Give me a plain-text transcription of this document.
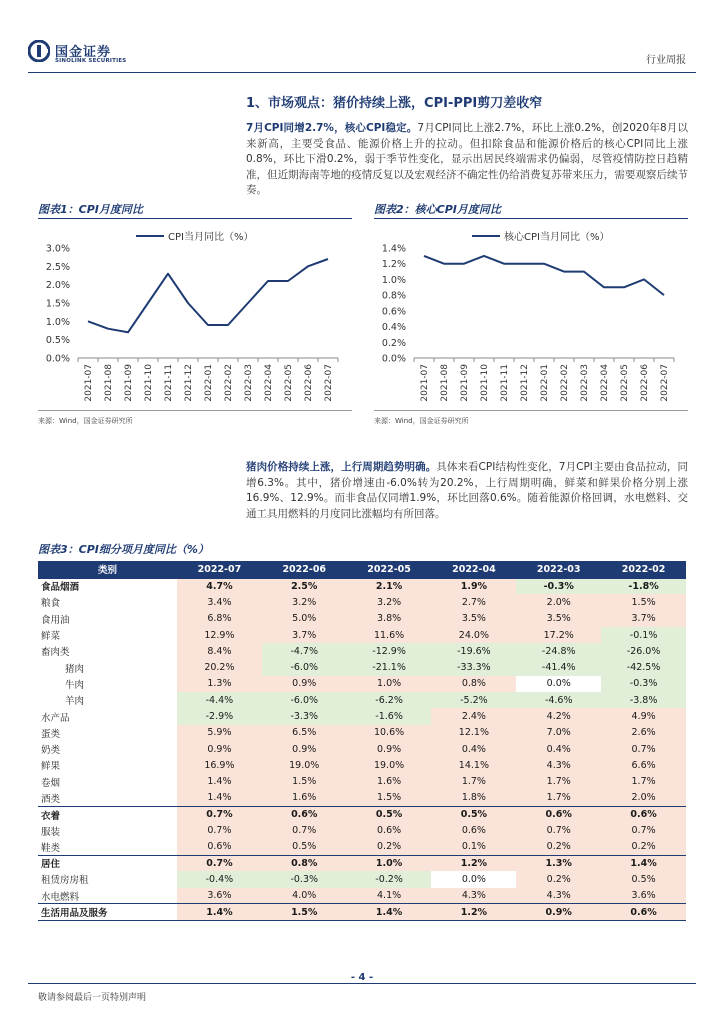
国金证券
SINOLINK SECURITIES	行业周报
1、市场观点：猪价持续上涨，CPI-PPI剪刀差收窄
7月CPI同增2.7%，核心CPI稳定。7月CPI同比上涨2.7%，环比上涨0.2%，创2020年8月以来新高，主要受食品、能源价格上升的拉动。但扣除食品和能源价格后的核心CPI同比上涨0.8%，环比下滑0.2%，弱于季节性变化，显示出居民终端需求仍偏弱，尽管疫情防控日趋精准，但近期海南等地的疫情反复以及宏观经济不确定性仍给消费复苏带来压力，需要观察后续节奏。
图表1：CPI月度同比
CPI当月同比（%）
3.0%
2.5%
2.0%
1.5%
1.0%
0.5%
0.0%
2021-07 2021-08 2021-09 2021-10 2021-11 2021-12 2022-01 2022-02 2022-03 2022-04 2022-05 2022-06 2022-07
来源：Wind，国金证券研究所
图表2：核心CPI月度同比
核心CPI当月同比（%）
1.4%
1.2%
1.0%
0.8%
0.6%
0.4%
0.2%
0.0%
2021-07 2021-08 2021-09 2021-10 2021-11 2021-12 2022-01 2022-02 2022-03 2022-04 2022-05 2022-06 2022-07
来源：Wind，国金证券研究所
猪肉价格持续上涨，上行周期趋势明确。具体来看CPI结构性变化，7月CPI主要由食品拉动，同增6.3%。其中，猪价增速由-6.0%转为20.2%，上行周期明确，鲜菜和鲜果价格分别上涨16.9%、12.9%。而非食品仅同增1.9%，环比回落0.6%。随着能源价格回调，水电燃料、交通工具用燃料的月度同比涨幅均有所回落。
图表3：CPI细分项月度同比（%）
类别	2022-07	2022-06	2022-05	2022-04	2022-03	2022-02
食品烟酒	4.7%	2.5%	2.1%	1.9%	-0.3%	-1.8%
粮食	3.4%	3.2%	3.2%	2.7%	2.0%	1.5%
食用油	6.8%	5.0%	3.8%	3.5%	3.5%	3.7%
鲜菜	12.9%	3.7%	11.6%	24.0%	17.2%	-0.1%
畜肉类	8.4%	-4.7%	-12.9%	-19.6%	-24.8%	-26.0%
猪肉	20.2%	-6.0%	-21.1%	-33.3%	-41.4%	-42.5%
牛肉	1.3%	0.9%	1.0%	0.8%	0.0%	-0.3%
羊肉	-4.4%	-6.0%	-6.2%	-5.2%	-4.6%	-3.8%
水产品	-2.9%	-3.3%	-1.6%	2.4%	4.2%	4.9%
蛋类	5.9%	6.5%	10.6%	12.1%	7.0%	2.6%
奶类	0.9%	0.9%	0.9%	0.4%	0.4%	0.7%
鲜果	16.9%	19.0%	19.0%	14.1%	4.3%	6.6%
卷烟	1.4%	1.5%	1.6%	1.7%	1.7%	1.7%
酒类	1.4%	1.6%	1.5%	1.8%	1.7%	2.0%
衣着	0.7%	0.6%	0.5%	0.5%	0.6%	0.6%
服装	0.7%	0.7%	0.6%	0.6%	0.7%	0.7%
鞋类	0.6%	0.5%	0.2%	0.1%	0.2%	0.2%
居住	0.7%	0.8%	1.0%	1.2%	1.3%	1.4%
租赁房房租	-0.4%	-0.3%	-0.2%	0.0%	0.2%	0.5%
水电燃料	3.6%	4.0%	4.1%	4.3%	4.3%	3.6%
生活用品及服务	1.4%	1.5%	1.4%	1.2%	0.9%	0.6%
- 4 -
敬请参阅最后一页特别声明
